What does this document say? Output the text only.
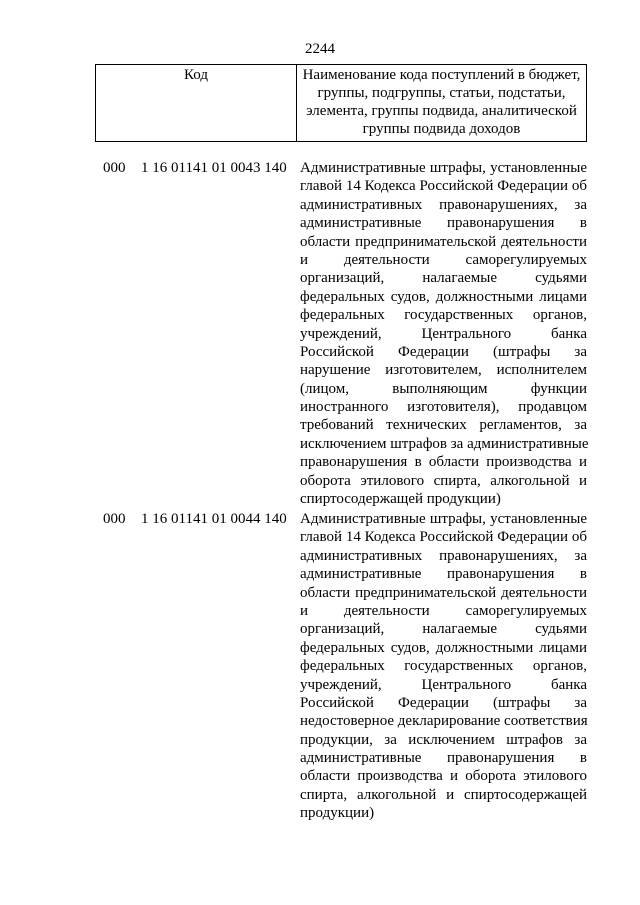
2244
Код	Наименование кода поступлений в бюджет, группы, подгруппы, статьи, подстатьи, элемента, группы подвида, аналитической группы подвида доходов
000 1 16 01141 01 0043 140 Административные штрафы, установленные
главой 14 Кодекса Российской Федерации об
административных правонарушениях, за
административные правонарушения в
области предпринимательской деятельности
и деятельности саморегулируемых
организаций, налагаемые судьями
федеральных судов, должностными лицами
федеральных государственных органов,
учреждений, Центрального банка
Российской Федерации (штрафы за
нарушение изготовителем, исполнителем
(лицом, выполняющим функции
иностранного изготовителя), продавцом
требований технических регламентов, за
исключением штрафов за административные
правонарушения в области производства и
оборота этилового спирта, алкогольной и
спиртосодержащей продукции)
000 1 16 01141 01 0044 140 Административные штрафы, установленные
главой 14 Кодекса Российской Федерации об
административных правонарушениях, за
административные правонарушения в
области предпринимательской деятельности
и деятельности саморегулируемых
организаций, налагаемые судьями
федеральных судов, должностными лицами
федеральных государственных органов,
учреждений, Центрального банка
Российской Федерации (штрафы за
недостоверное декларирование соответствия
продукции, за исключением штрафов за
административные правонарушения в
области производства и оборота этилового
спирта, алкогольной и спиртосодержащей
продукции)
